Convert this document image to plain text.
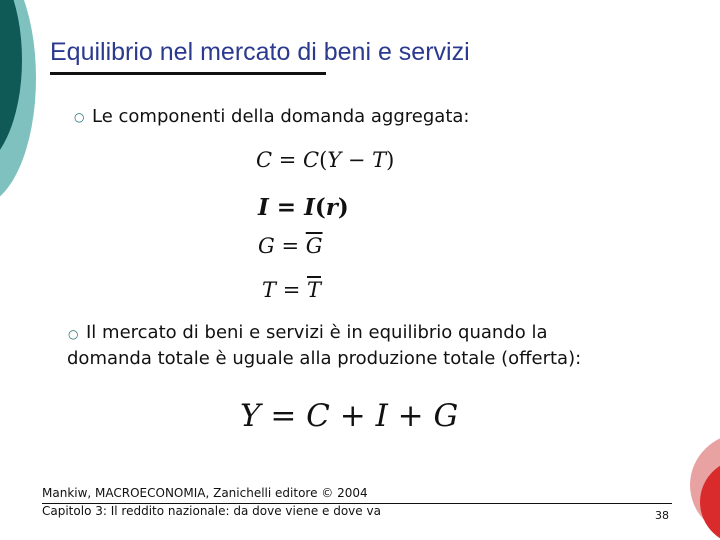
Equilibrio nel mercato di beni e servizi
○ Le componenti della domanda aggregata:
C = C(Y − T)
I = I(r)
$G = \overline{G}$
$T = \overline{T}$
○ Il mercato di beni e servizi è in equilibrio quando la
domanda totale è uguale alla produzione totale (offerta):
Y = C + I + G
Mankiw, MACROECONOMIA, Zanichelli editore © 2004
Capitolo 3: Il reddito nazionale: da dove viene e dove va	38
